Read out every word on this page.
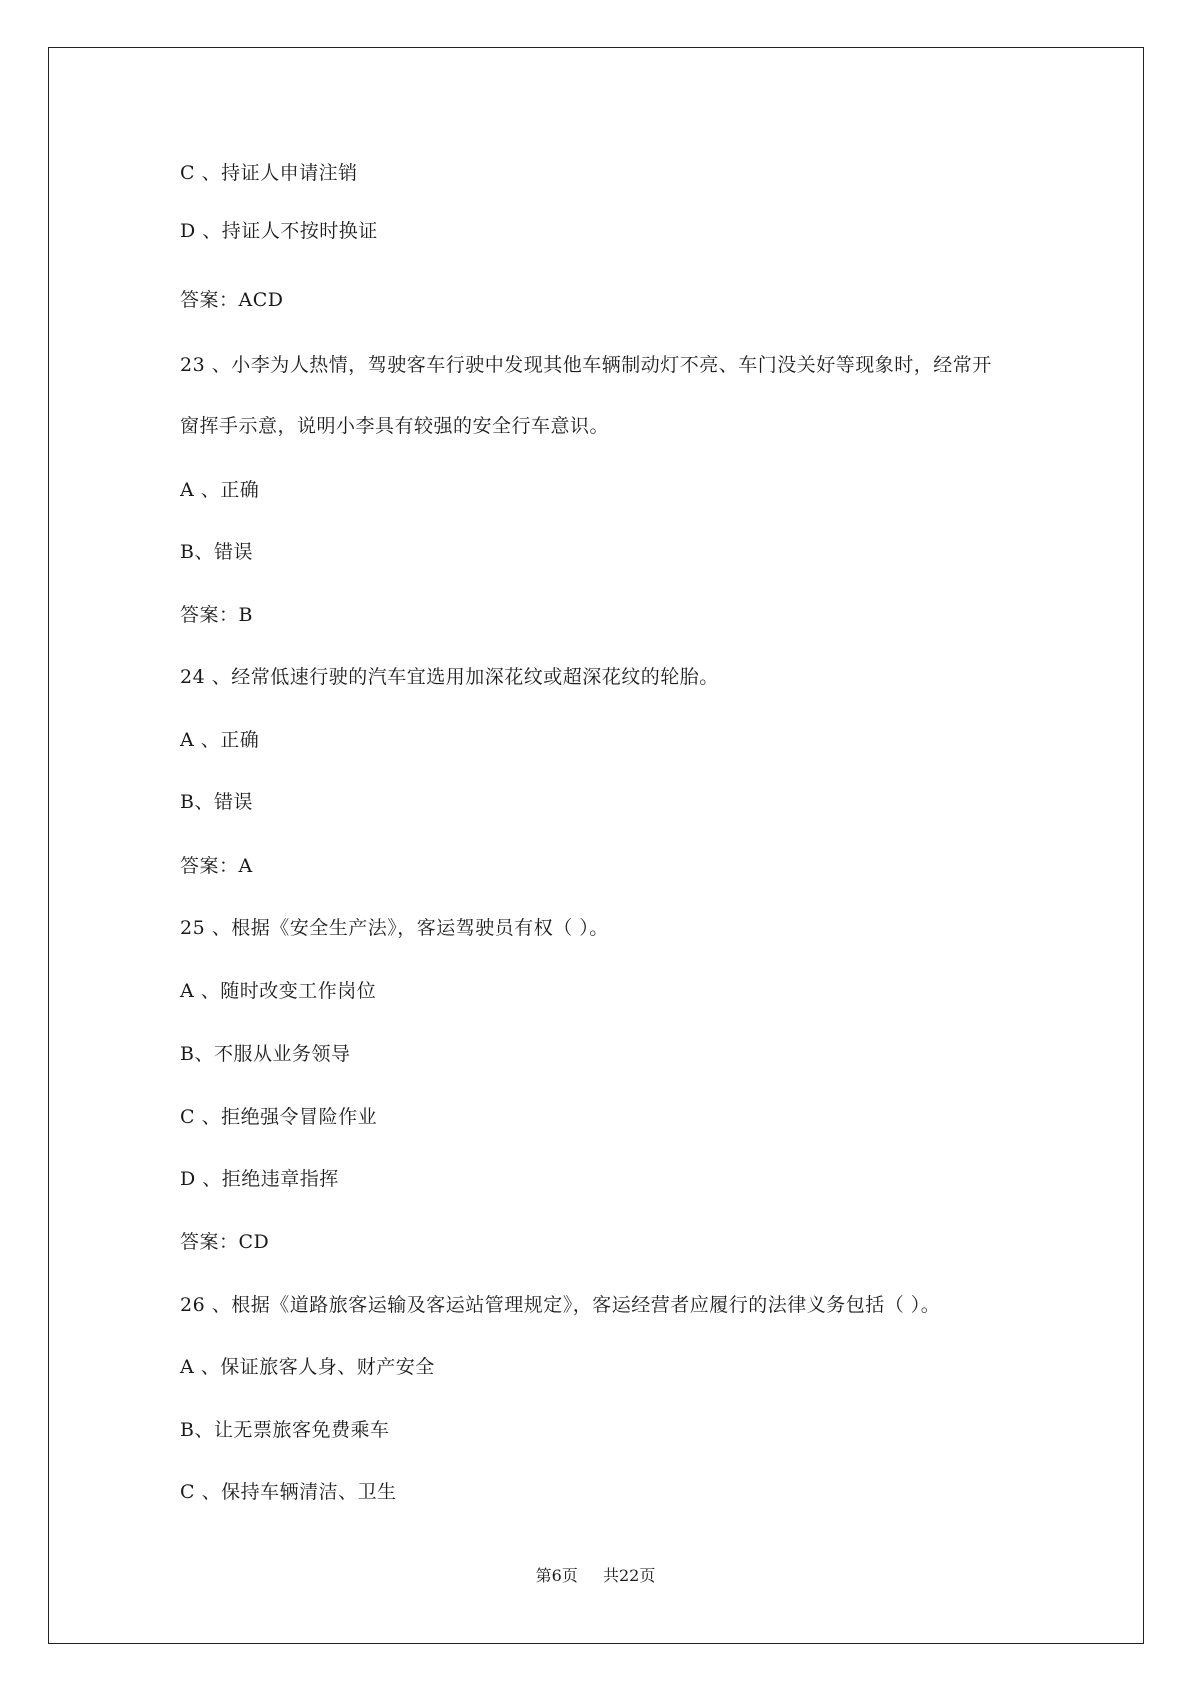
C 、持证人申请注销
D 、持证人不按时换证
答案：ACD
23 、小李为人热情，驾驶客车行驶中发现其他车辆制动灯不亮、车门没关好等现象时，经常开
窗挥手示意，说明小李具有较强的安全行车意识。
A 、正确
B、错误
答案：B
24 、经常低速行驶的汽车宜选用加深花纹或超深花纹的轮胎。
A 、正确
B、错误
答案：A
25 、根据《安全生产法》，客运驾驶员有权（ ）。
A 、随时改变工作岗位
B、不服从业务领导
C 、拒绝强令冒险作业
D 、拒绝违章指挥
答案：CD
26 、根据《道路旅客运输及客运站管理规定》，客运经营者应履行的法律义务包括（ ）。
A 、保证旅客人身、财产安全
B、让无票旅客免费乘车
C 、保持车辆清洁、卫生
第6页 共22页
